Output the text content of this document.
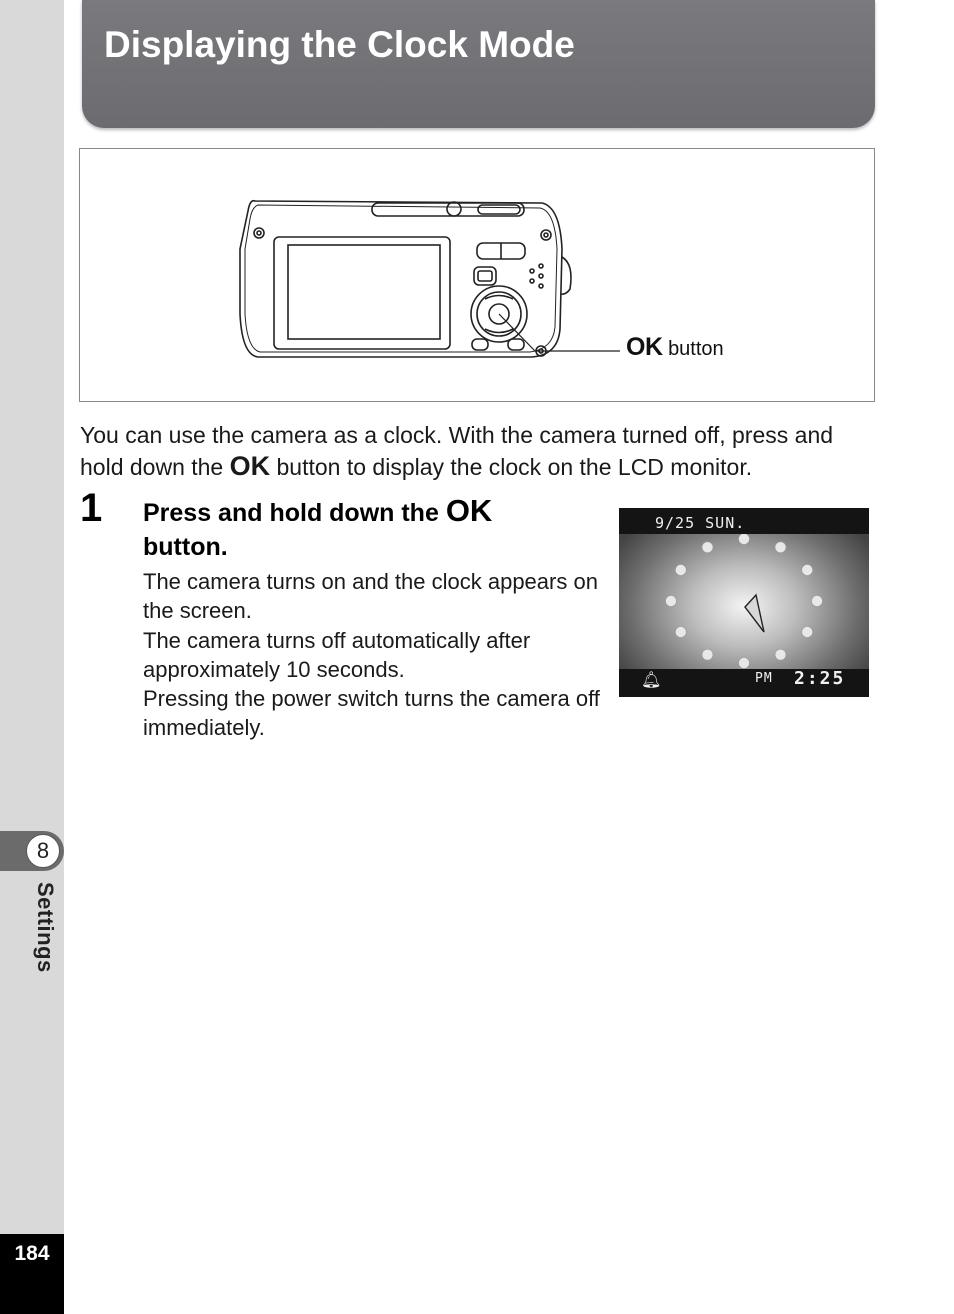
8
Settings
184
Displaying the Clock Mode
OK button
You can use the camera as a clock. With the camera turned off, press and hold down the OK button to display the clock on the LCD monitor.
1 Press and hold down the OK
button.

The camera turns on and the clock appears on the screen.

The camera turns off automatically after approximately 10 seconds.

Pressing the power switch turns the camera off immediately.

9/25 SUN.
🔔︎	PM 2:25
